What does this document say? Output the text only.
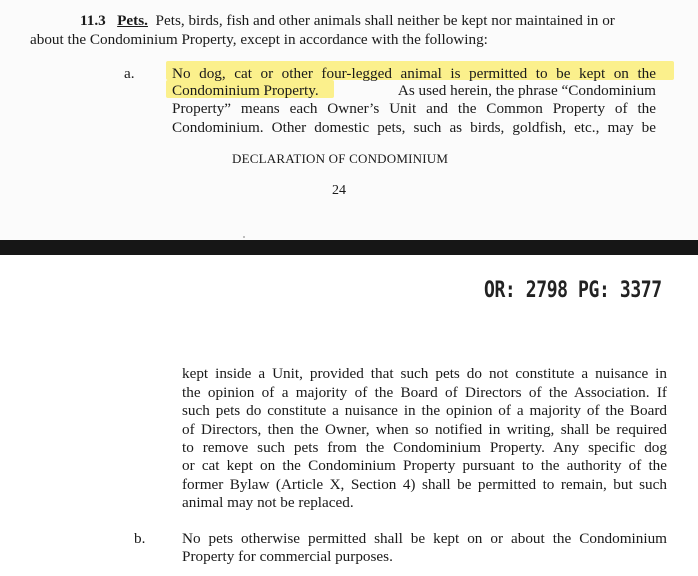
11.3 Pets. Pets, birds, fish and other animals shall neither be kept nor maintained in or
about the Condominium Property, except in accordance with the following:
a. No dog, cat or other four-legged animal is permitted to be kept on the
Condominium Property.	As used herein, the phrase “Condominium
Property” means each Owner’s Unit and the Common Property of the
Condominium. Other domestic pets, such as birds, goldfish, etc., may be
DECLARATION OF CONDOMINIUM
24
OR: 2798 PG: 3377
kept inside a Unit, provided that such pets do not constitute a nuisance in
the opinion of a majority of the Board of Directors of the Association. If
such pets do constitute a nuisance in the opinion of a majority of the Board
of Directors, then the Owner, when so notified in writing, shall be required
to remove such pets from the Condominium Property. Any specific dog
or cat kept on the Condominium Property pursuant to the authority of the
former Bylaw (Article X, Section 4) shall be permitted to remain, but such
animal may not be replaced.
b. No pets otherwise permitted shall be kept on or about the Condominium
Property for commercial purposes.
